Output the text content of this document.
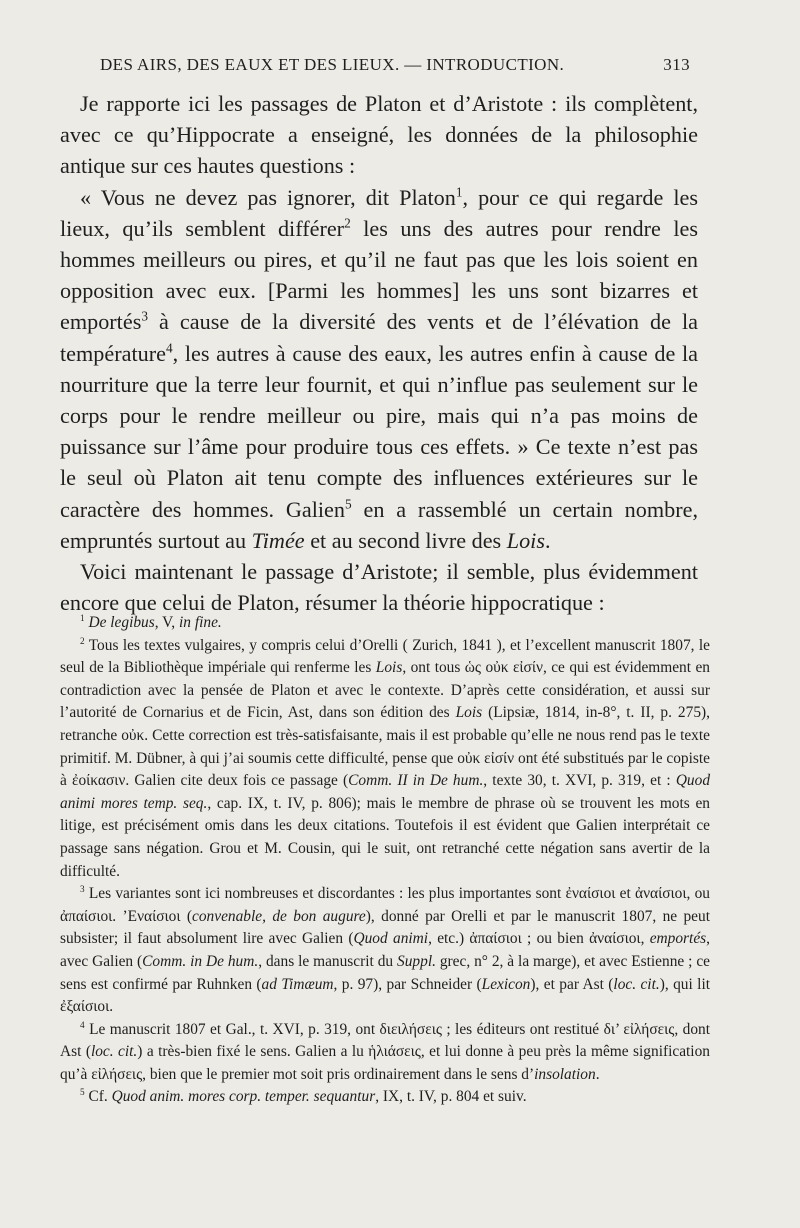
DES AIRS, DES EAUX ET DES LIEUX. — INTRODUCTION.	313

Je rapporte ici les passages de Platon et d’Aristote : ils complètent, avec ce qu’Hippocrate a enseigné, les données de la philosophie antique sur ces hautes questions :

« Vous ne devez pas ignorer, dit Platon$^1$, pour ce qui regarde les lieux, qu’ils semblent différer$^2$ les uns des autres pour rendre les hommes meilleurs ou pires, et qu’il ne faut pas que les lois soient en opposition avec eux. [Parmi les hommes] les uns sont bizarres et emportés$^3$ à cause de la diversité des vents et de l’élévation de la température$^4$, les autres à cause des eaux, les autres enfin à cause de la nourriture que la terre leur fournit, et qui n’influe pas seulement sur le corps pour le rendre meilleur ou pire, mais qui n’a pas moins de puissance sur l’âme pour produire tous ces effets. » Ce texte n’est pas le seul où Platon ait tenu compte des influences extérieures sur le caractère des hommes. Galien$^5$ en a rassemblé un certain nombre, empruntés surtout au Timée et au second livre des Lois.

Voici maintenant le passage d’Aristote; il semble, plus évidemment encore que celui de Platon, résumer la théorie hippocratique :

$^1$ De legibus, V, in fine.

$^2$ Tous les textes vulgaires, y compris celui d’Orelli ( Zurich, 1841 ), et l’excellent manuscrit 1807, le seul de la Bibliothèque impériale qui renferme les Lois, ont tous ὡς οὐκ εἰσίν, ce qui est évidemment en contradiction avec la pensée de Platon et avec le contexte. D’après cette considération, et aussi sur l’autorité de Cornarius et de Ficin, Ast, dans son édition des Lois (Lipsiæ, 1814, in-8°, t. II, p. 275), retranche οὐκ. Cette correction est très-satisfaisante, mais il est probable qu’elle ne nous rend pas le texte primitif. M. Dübner, à qui j’ai soumis cette difficulté, pense que οὐκ εἰσίν ont été substitués par le copiste à ἐοίκασιν. Galien cite deux fois ce passage (Comm. II in De hum., texte 30, t. XVI, p. 319, et : Quod animi mores temp. seq., cap. IX, t. IV, p. 806); mais le membre de phrase où se trouvent les mots en litige, est précisément omis dans les deux citations. Toutefois il est évident que Galien interprétait ce passage sans négation. Grou et M. Cousin, qui le suit, ont retranché cette négation sans avertir de la difficulté.

$^3$ Les variantes sont ici nombreuses et discordantes : les plus importantes sont ἐναίσιοι et ἀναίσιοι, ou ἀπαίσιοι. ’Εναίσιοι (convenable, de bon augure), donné par Orelli et par le manuscrit 1807, ne peut subsister; il faut absolument lire avec Galien (Quod animi, etc.) ἀπαίσιοι ; ou bien ἀναίσιοι, emportés, avec Galien (Comm. in De hum., dans le manuscrit du Suppl. grec, n° 2, à la marge), et avec Estienne ; ce sens est confirmé par Ruhnken (ad Timæum, p. 97), par Schneider (Lexicon), et par Ast (loc. cit.), qui lit ἐξαίσιοι.

$^4$ Le manuscrit 1807 et Gal., t. XVI, p. 319, ont διειλήσεις ; les éditeurs ont restitué δι’ εἰλήσεις, dont Ast (loc. cit.) a très-bien fixé le sens. Galien a lu ἡλιάσεις, et lui donne à peu près la même signification qu’à εἰλήσεις, bien que le premier mot soit pris ordinairement dans le sens d’insolation.

$^5$ Cf. Quod anim. mores corp. temper. sequantur, IX, t. IV, p. 804 et suiv.
